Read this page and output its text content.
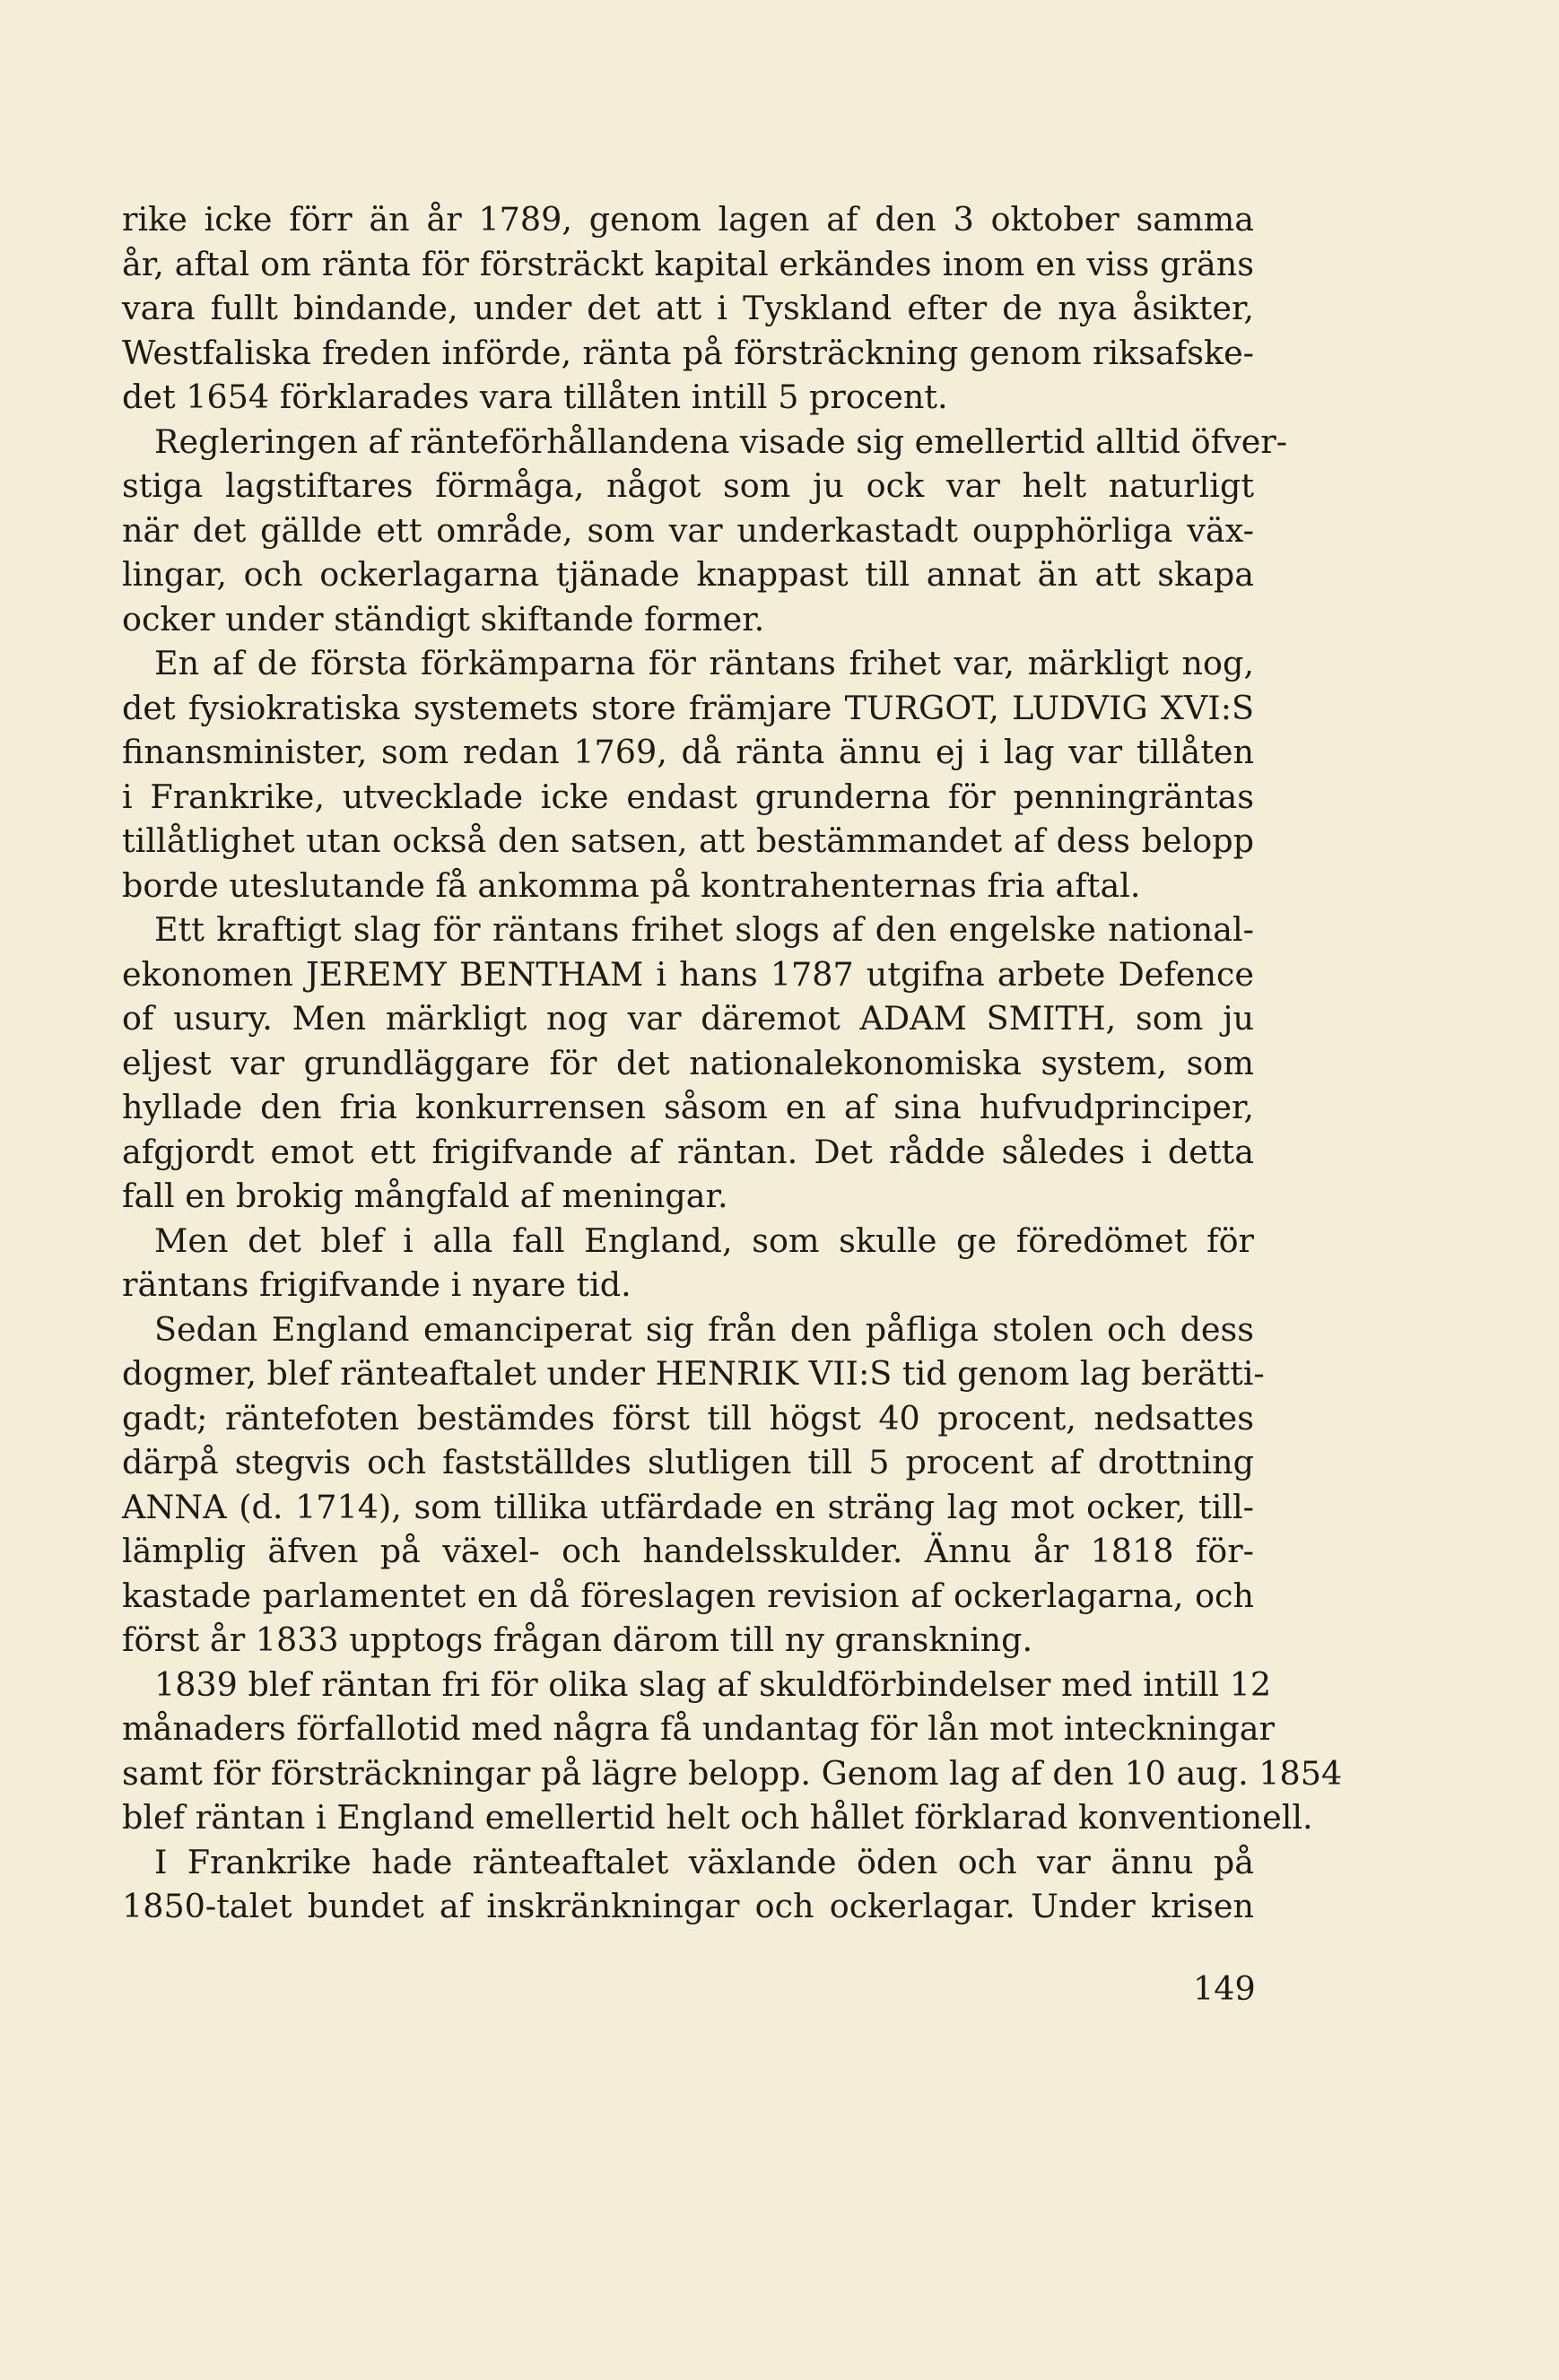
rike icke förr än år 1789, genom lagen af den 3 oktober samma
år, aftal om ränta för försträckt kapital erkändes inom en viss gräns
vara fullt bindande, under det att i Tyskland efter de nya åsikter,
Westfaliska freden införde, ränta på försträckning genom riksafske-
det 1654 förklarades vara tillåten intill 5 procent.
Regleringen af ränteförhållandena visade sig emellertid alltid öfver-
stiga lagstiftares förmåga, något som ju ock var helt naturligt
när det gällde ett område, som var underkastadt oupphörliga väx-
lingar, och ockerlagarna tjänade knappast till annat än att skapa
ocker under ständigt skiftande former.
En af de första förkämparna för räntans frihet var, märkligt nog,
det fysiokratiska systemets store främjare TURGOT, LUDVIG XVI:S
finansminister, som redan 1769, då ränta ännu ej i lag var tillåten
i Frankrike, utvecklade icke endast grunderna för penningräntas
tillåtlighet utan också den satsen, att bestämmandet af dess belopp
borde uteslutande få ankomma på kontrahenternas fria aftal.
Ett kraftigt slag för räntans frihet slogs af den engelske national-
ekonomen JEREMY BENTHAM i hans 1787 utgifna arbete Defence
of usury. Men märkligt nog var däremot ADAM SMITH, som ju
eljest var grundläggare för det nationalekonomiska system, som
hyllade den fria konkurrensen såsom en af sina hufvudprinciper,
afgjordt emot ett frigifvande af räntan. Det rådde således i detta
fall en brokig mångfald af meningar.
Men det blef i alla fall England, som skulle ge föredömet för
räntans frigifvande i nyare tid.
Sedan England emanciperat sig från den påfliga stolen och dess
dogmer, blef ränteaftalet under HENRIK VII:S tid genom lag berätti-
gadt; räntefoten bestämdes först till högst 40 procent, nedsattes
därpå stegvis och fastställdes slutligen till 5 procent af drottning
ANNA (d. 1714), som tillika utfärdade en sträng lag mot ocker, till-
lämplig äfven på växel- och handelsskulder. Ännu år 1818 för-
kastade parlamentet en då föreslagen revision af ockerlagarna, och
först år 1833 upptogs frågan därom till ny granskning.
1839 blef räntan fri för olika slag af skuldförbindelser med intill 12
månaders förfallotid med några få undantag för lån mot inteckningar
samt för försträckningar på lägre belopp. Genom lag af den 10 aug. 1854
blef räntan i England emellertid helt och hållet förklarad konventionell.
I Frankrike hade ränteaftalet växlande öden och var ännu på
1850-talet bundet af inskränkningar och ockerlagar. Under krisen
149
